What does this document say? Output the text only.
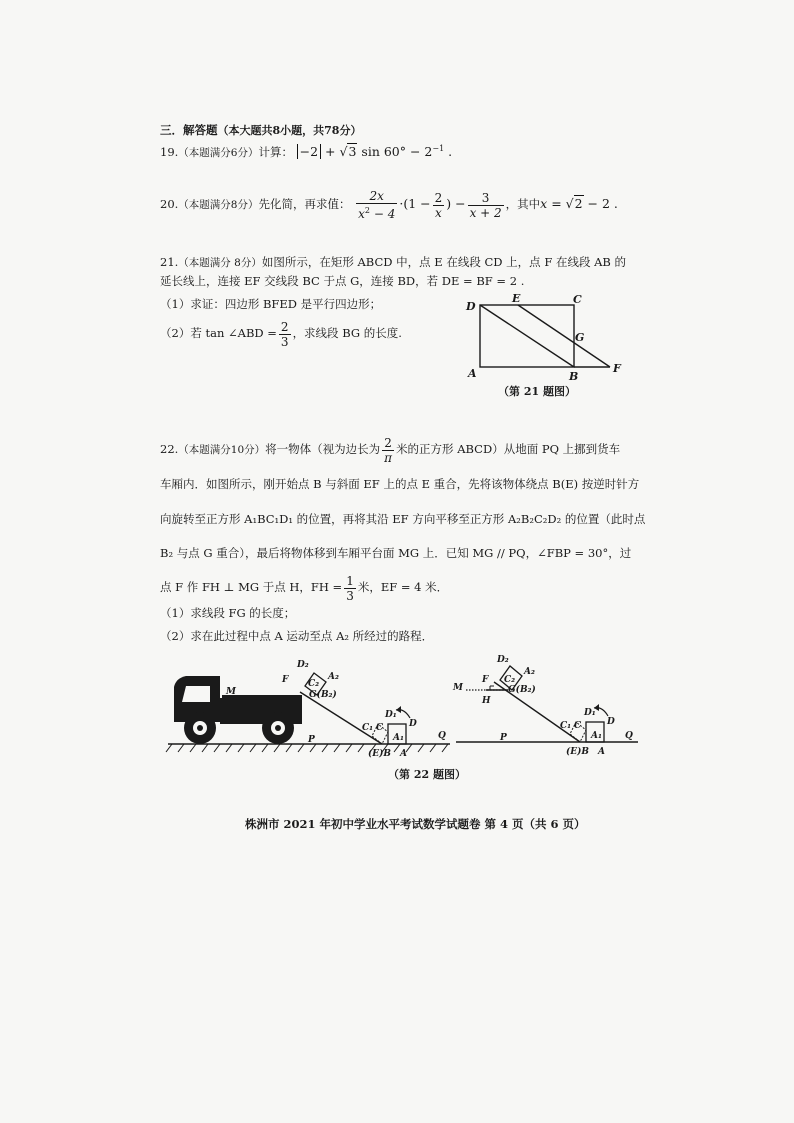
三．解答题（本大题共8小题，共78分）
19.（本题满分6分）计算： −2 + √3 $\sin 60^\circ - 2^{-1}$ .
20.（本题满分8分）先化简，再求值： $\frac{2x}{x^2 - 4} \cdot(1 - \frac{2}{x}$ ) − $\frac{3}{x + 2}$ ，其中x = √2 − 2 .
21.（本题满分 8分）如图所示，在矩形 ABCD 中，点 E 在线段 CD 上，点 F 在线段 AB 的
延长线上，连接 EF 交线段 BC 于点 G，连接 BD，若 DE = BF = 2 .
（1）求证：四边形 BFED 是平行四边形；
（2）若 tan ∠ABD = $\frac{2}{3}$ ，求线段 BG 的长度.
D
E	C
G
A	B
F
（第 21 题图）
22.（本题满分10分）将一物体（视为边长为 $\frac{2}{\pi}$ 米的正方形 ABCD）从地面 PQ 上挪到货车
车厢内．如图所示，刚开始点 B 与斜面 EF 上的点 E 重合，先将该物体绕点 B(E) 按逆时针方
向旋转至正方形 A₁BC₁D₁ 的位置，再将其沿 EF 方向平移至正方形 A₂B₂C₂D₂ 的位置（此时点
B₂ 与点 G 重合），最后将物体移到车厢平台面 MG 上．已知 MG // PQ，∠FBP = 30°，过
点 F 作 FH ⊥ MG 于点 H，FH = $\frac{1}{3}$ 米，EF = 4 米．
（1）求线段 FG 的长度；
（2）求在此过程中点 A 运动至点 A₂ 所经过的路程．
D₂
A₂
F C₂
G(B₂)
M
D₁
C₁ C	D
A₁
(E)B A
P	Q
D₂
A₂
F C₂
G(B₂)
M
H
D₁
C₁ C	D
A₁
(E)B A
P	Q
（第 22 题图）
株洲市 2021 年初中学业水平考试数学试题卷 第 4 页（共 6 页）
